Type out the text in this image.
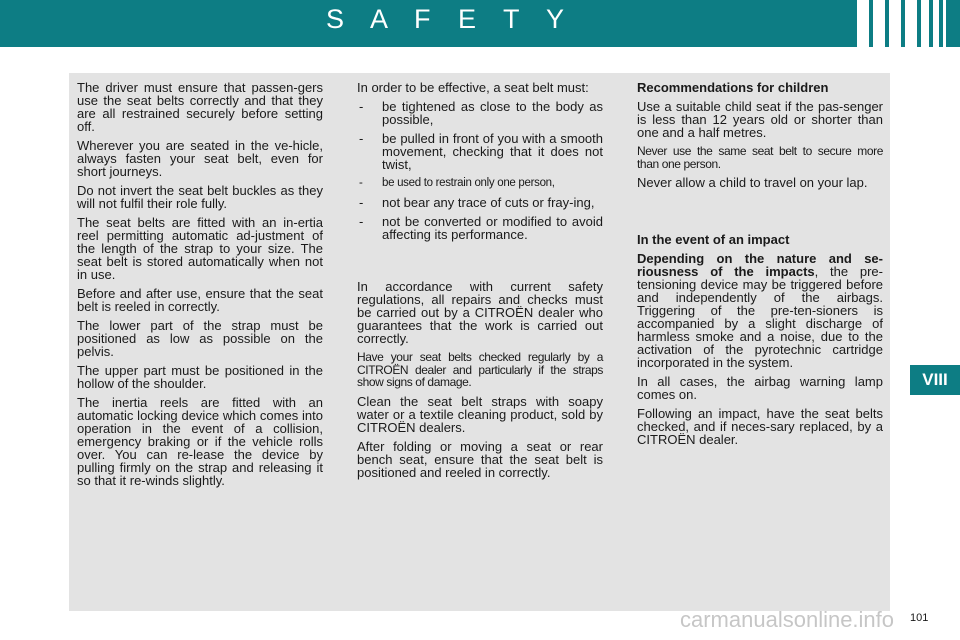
S A F E T Y

The driver must ensure that passen-gers use the seat belts correctly and that they are all restrained securely before setting off.

Wherever you are seated in the ve-hicle, always fasten your seat belt, even for short journeys.

Do not invert the seat belt buckles as they will not fulfil their role fully.

The seat belts are fitted with an in-ertia reel permitting automatic ad-justment of the length of the strap to your size. The seat belt is stored automatically when not in use.

Before and after use, ensure that the seat belt is reeled in correctly.

The lower part of the strap must be positioned as low as possible on the pelvis.

The upper part must be positioned in the hollow of the shoulder.

The inertia reels are fitted with an automatic locking device which comes into operation in the event of a collision, emergency braking or if the vehicle rolls over. You can re-lease the device by pulling firmly on the strap and releasing it so that it re-winds slightly.

In order to be effective, a seat belt must:

- be tightened as close to the body as possible,
- be pulled in front of you with a smooth movement, checking that it does not twist,
- be used to restrain only one person,
- not bear any trace of cuts or fray-ing,
- not be converted or modified to avoid affecting its performance.

In accordance with current safety regulations, all repairs and checks must be carried out by a CITROËN dealer who guarantees that the work is carried out correctly.

Have your seat belts checked regularly by a CITROËN dealer and particularly if the straps show signs of damage.

Clean the seat belt straps with soapy water or a textile cleaning product, sold by CITROËN dealers.

After folding or moving a seat or rear bench seat, ensure that the seat belt is positioned and reeled in correctly.

Recommendations for children

Use a suitable child seat if the pas-senger is less than 12 years old or shorter than one and a half metres.

Never use the same seat belt to secure more than one person.

Never allow a child to travel on your lap.

In the event of an impact

Depending on the nature and se-riousness of the impacts, the pre-tensioning device may be triggered before and independently of the airbags. Triggering of the pre-ten-sioners is accompanied by a slight discharge of harmless smoke and a noise, due to the activation of the pyrotechnic cartridge incorporated in the system.

In all cases, the airbag warning lamp comes on.

Following an impact, have the seat belts checked, and if neces-sary replaced, by a CITROËN dealer.

VIII
carmanualsonline.info 101
